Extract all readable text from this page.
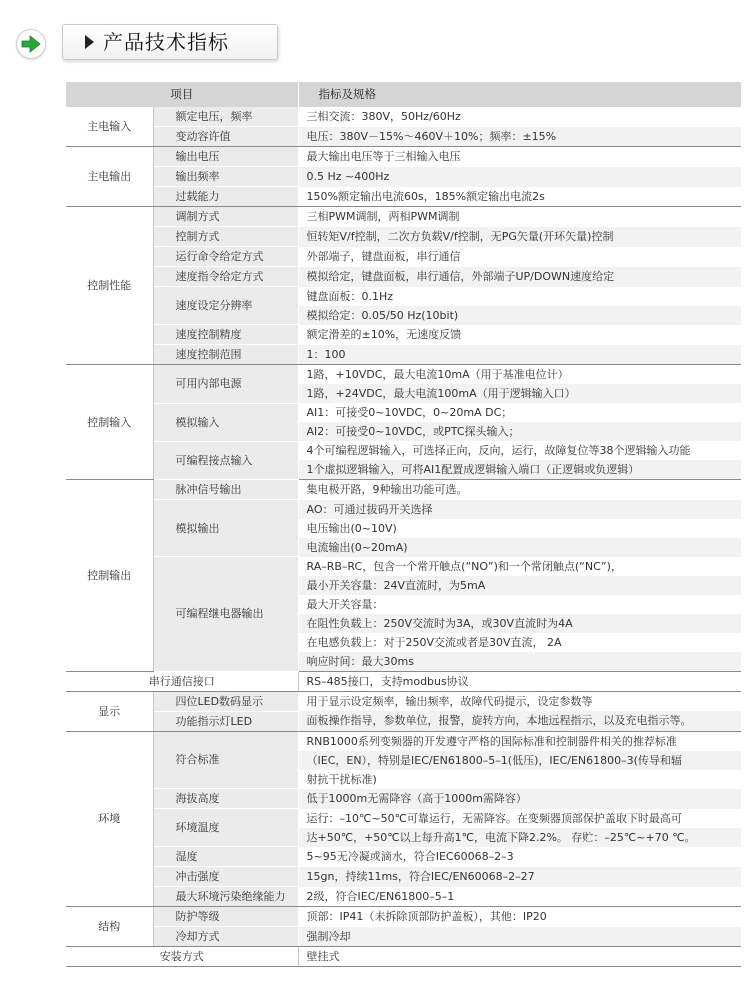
产品技术指标
项目		指标及规格
主电输入	额定电压，频率	三相交流：380V，50Hz/60Hz
	变动容许值	电压：380V－15%～460V＋10%；频率：±15%
主电输出	输出电压	最大输出电压等于三相输入电压
	输出频率	0.5 Hz ~400Hz
	过载能力	150%额定输出电流60s，185%额定输出电流2s
控制性能	调制方式	三相PWM调制，两相PWM调制
	控制方式	恒转矩V/f控制，二次方负载V/f控制，无PG矢量(开环矢量)控制
	运行命令给定方式	外部端子，键盘面板，串行通信
	速度指令给定方式	模拟给定，键盘面板，串行通信，外部端子UP/DOWN速度给定
	速度设定分辨率	键盘面板：0.1Hz
		模拟给定：0.05/50 Hz(10bit)
	速度控制精度	额定滑差的±10%，无速度反馈
	速度控制范围	1：100
控制输入	可用内部电源	1路，+10VDC，最大电流10mA（用于基准电位计）
		1路，+24VDC，最大电流100mA（用于逻辑输入口）
	模拟输入	AI1：可接受0~10VDC，0~20mA DC；
		AI2：可接受0~10VDC，或PTC探头输入；
	可编程接点输入	4个可编程逻辑输入，可选择正向，反向，运行，故障复位等38个逻辑输入功能
		1个虚拟逻辑输入，可将AI1配置成逻辑输入端口（正逻辑或负逻辑）
控制输出	脉冲信号输出	集电极开路，9种输出功能可选。
	模拟输出	AO：可通过拔码开关选择
		电压输出(0~10V)
		电流输出(0~20mA)
	可编程继电器输出	RA–RB–RC，包含一个常开触点(“NO”)和一个常闭触点(“NC”)，
		最小开关容量：24V直流时，为5mA
		最大开关容量：
		在阻性负载上：250V交流时为3A，或30V直流时为4A
		在电感负载上：对于250V交流或者是30V直流， 2A
		响应时间：最大30ms
串行通信接口		RS–485接口，支持modbus协议
显示	四位LED数码显示	用于显示设定频率，输出频率，故障代码提示，设定参数等
	功能指示灯LED	面板操作指导，参数单位，报警，旋转方向，本地远程指示，以及充电指示等。
环境	符合标准	RNB1000系列变频器的开发遵守严格的国际标准和控制器件相关的推荐标准
		（IEC，EN），特别是IEC/EN61800–5–1(低压)，IEC/EN61800–3(传导和辐
		射抗干扰标准)
	海拔高度	低于1000m无需降容（高于1000m需降容）
	环境温度	运行：–10℃~50℃可靠运行，无需降容。在变频器顶部保护盖取下时最高可
		达+50℃，+50℃以上每升高1℃，电流下降2.2%。 存贮：–25℃~+70 ℃。
	湿度	5~95无冷凝或滴水，符合IEC60068–2–3
	冲击强度	15gn，持续11ms，符合IEC/EN60068–2–27
	最大环境污染绝缘能力	2级，符合IEC/EN61800–5–1
结构	防护等级	顶部：IP41（未拆除顶部防护盖板），其他：IP20
	冷却方式	强制冷却
安装方式		壁挂式
